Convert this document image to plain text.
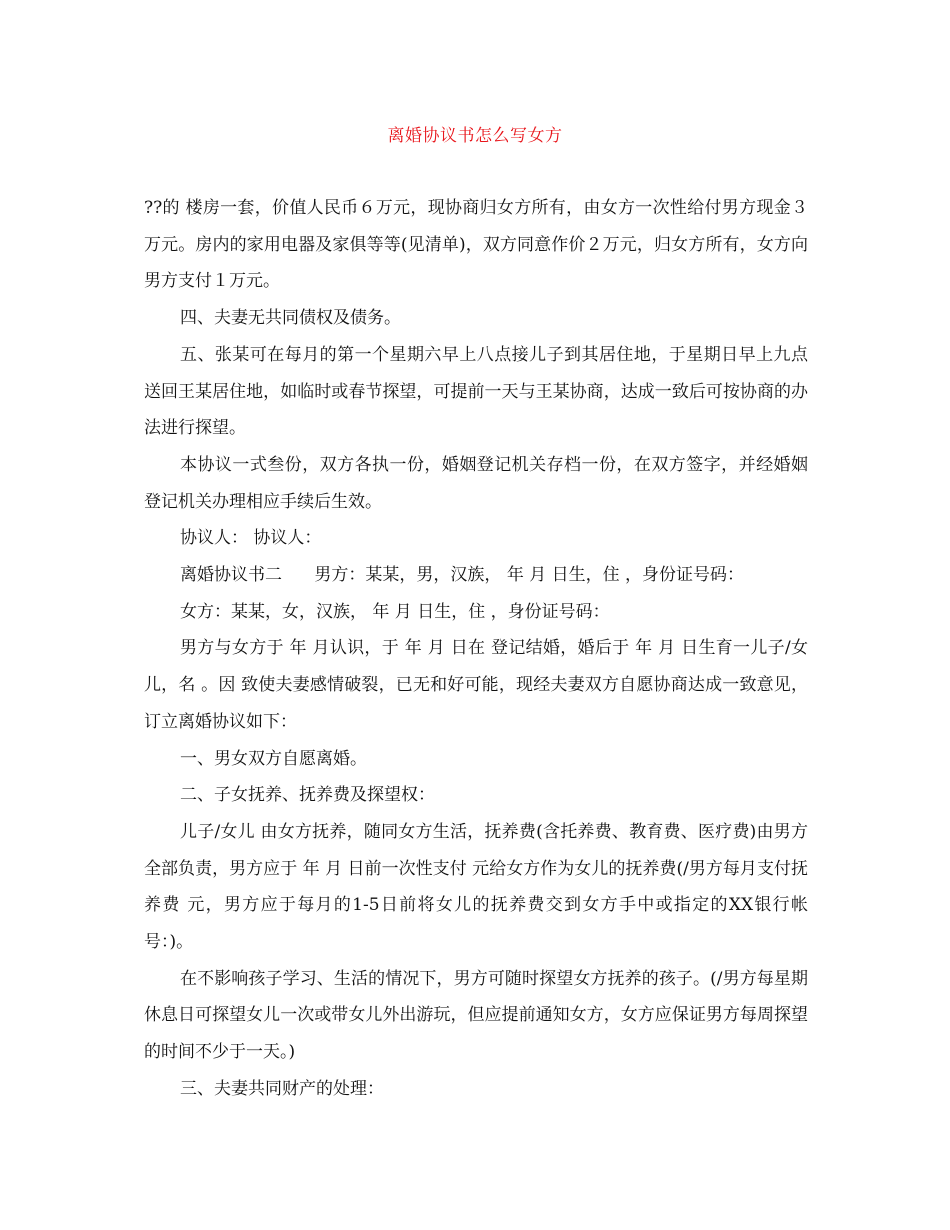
离婚协议书怎么写女方

??的 楼房一套，价值人民币６万元，现协商归女方所有，由女方一次性给付男方现金３万元。房内的家用电器及家俱等等(见清单)，双方同意作价２万元，归女方所有，女方向男方支付１万元。

四、夫妻无共同债权及债务。

五、张某可在每月的第一个星期六早上八点接儿子到其居住地，于星期日早上九点送回王某居住地，如临时或春节探望，可提前一天与王某协商，达成一致后可按协商的办法进行探望。

本协议一式叁份，双方各执一份，婚姻登记机关存档一份，在双方签字，并经婚姻登记机关办理相应手续后生效。

协议人： 协议人：

离婚协议书二      男方：某某，男，汉族， 年 月 日生，住 ，身份证号码：

女方：某某，女，汉族， 年 月 日生，住 ，身份证号码：

男方与女方于 年 月认识，于 年 月 日在 登记结婚，婚后于 年 月 日生育一儿子/女儿，名 。因 致使夫妻感情破裂，已无和好可能，现经夫妻双方自愿协商达成一致意见，订立离婚协议如下：

一、男女双方自愿离婚。

二、子女抚养、抚养费及探望权：

儿子/女儿 由女方抚养，随同女方生活，抚养费(含托养费、教育费、医疗费)由男方全部负责，男方应于 年 月 日前一次性支付 元给女方作为女儿的抚养费(/男方每月支付抚养费 元，男方应于每月的1-5日前将女儿的抚养费交到女方手中或指定的XX银行帐号：)。

在不影响孩子学习、生活的情况下，男方可随时探望女方抚养的孩子。(/男方每星期休息日可探望女儿一次或带女儿外出游玩，但应提前通知女方，女方应保证男方每周探望的时间不少于一天。)

三、夫妻共同财产的处理：
